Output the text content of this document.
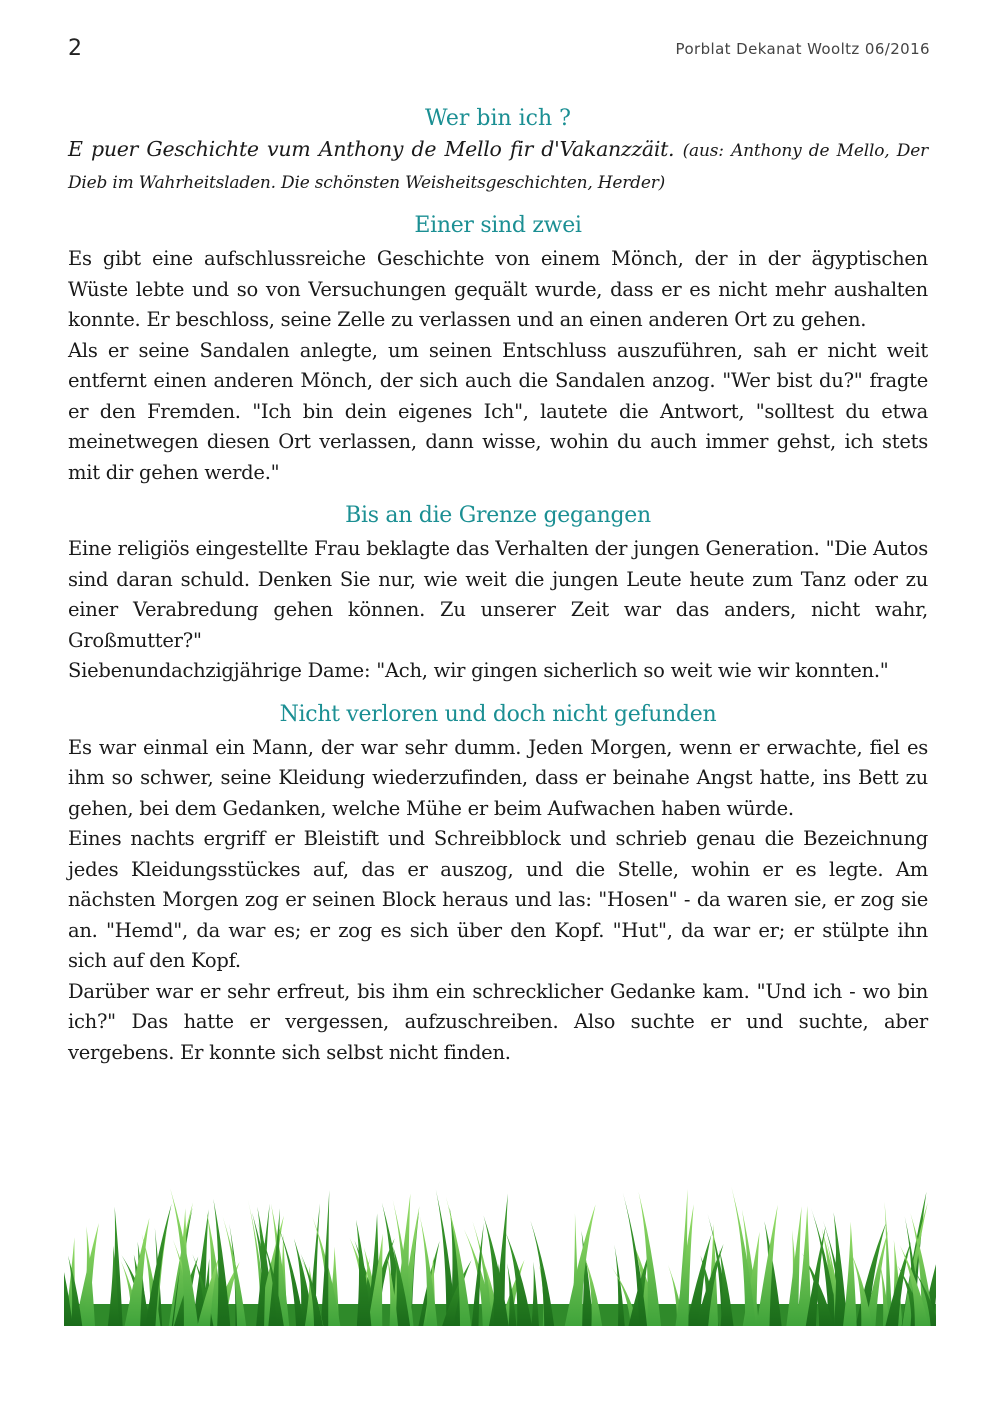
2	Porblat Dekanat Wooltz 06/2016
Wer bin ich ?

E puer Geschichte vum Anthony de Mello fir d'Vakanzzäit. (aus: Anthony de Mello, Der Dieb im Wahrheitsladen. Die schönsten Weisheitsgeschichten, Herder)

Einer sind zwei

Es gibt eine aufschlussreiche Geschichte von einem Mönch, der in der ägyptischen Wüste lebte und so von Versuchungen gequält wurde, dass er es nicht mehr aushalten konnte. Er beschloss, seine Zelle zu verlassen und an einen anderen Ort zu gehen.

Als er seine Sandalen anlegte, um seinen Entschluss auszuführen, sah er nicht weit entfernt einen anderen Mönch, der sich auch die Sandalen anzog. "Wer bist du?" fragte er den Fremden. "Ich bin dein eigenes Ich", lautete die Antwort, "solltest du etwa meinetwegen diesen Ort verlassen, dann wisse, wohin du auch immer gehst, ich stets mit dir gehen werde."

Bis an die Grenze gegangen

Eine religiös eingestellte Frau beklagte das Verhalten der jungen Generation. "Die Autos sind daran schuld. Denken Sie nur, wie weit die jungen Leute heute zum Tanz oder zu einer Verabredung gehen können. Zu unserer Zeit war das anders, nicht wahr, Großmutter?"

Siebenundachzigjährige Dame: "Ach, wir gingen sicherlich so weit wie wir konnten."

Nicht verloren und doch nicht gefunden

Es war einmal ein Mann, der war sehr dumm. Jeden Morgen, wenn er erwachte, fiel es ihm so schwer, seine Kleidung wiederzufinden, dass er beinahe Angst hatte, ins Bett zu gehen, bei dem Gedanken, welche Mühe er beim Aufwachen haben würde.

Eines nachts ergriff er Bleistift und Schreibblock und schrieb genau die Bezeichnung jedes Kleidungsstückes auf, das er auszog, und die Stelle, wohin er es legte. Am nächsten Morgen zog er seinen Block heraus und las: "Hosen" - da waren sie, er zog sie an. "Hemd", da war es; er zog es sich über den Kopf. "Hut", da war er; er stülpte ihn sich auf den Kopf.

Darüber war er sehr erfreut, bis ihm ein schrecklicher Gedanke kam. "Und ich - wo bin ich?" Das hatte er vergessen, aufzuschreiben. Also suchte er und suchte, aber vergebens. Er konnte sich selbst nicht finden.
